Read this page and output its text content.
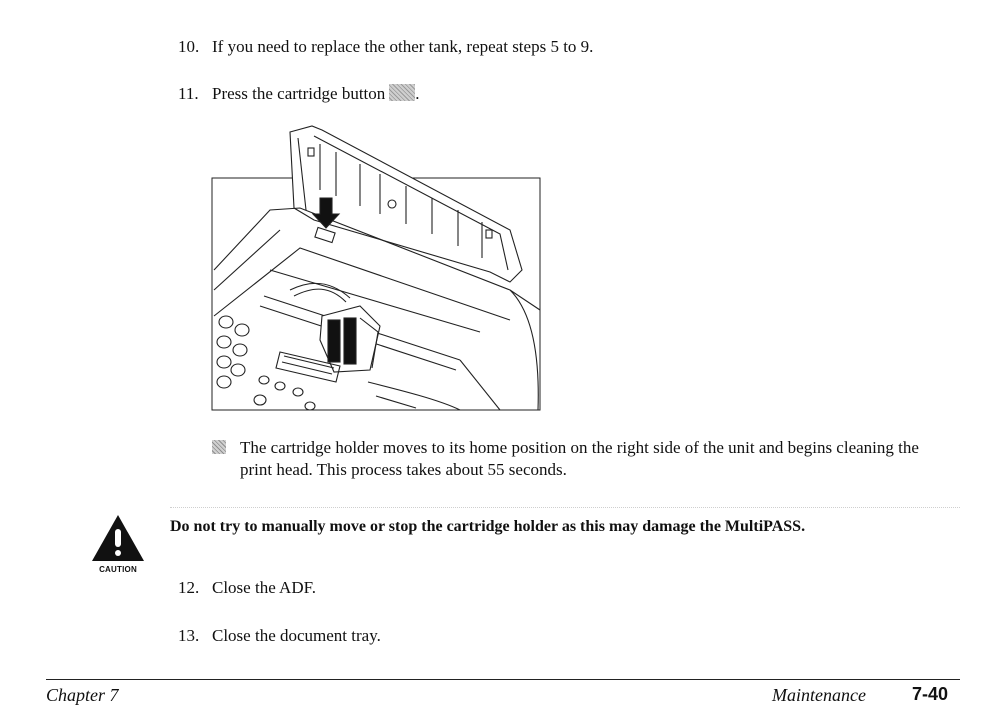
10. If you need to replace the other tank, repeat steps 5 to 9.
11. Press the cartridge button .
The cartridge holder moves to its home position on the right side of the unit and begins cleaning the print head. This process takes about 55 seconds.
CAUTION
Do not try to manually move or stop the cartridge holder as this may damage the MultiPASS.
12. Close the ADF.
13. Close the document tray.
Chapter 7	Maintenance	7-40
